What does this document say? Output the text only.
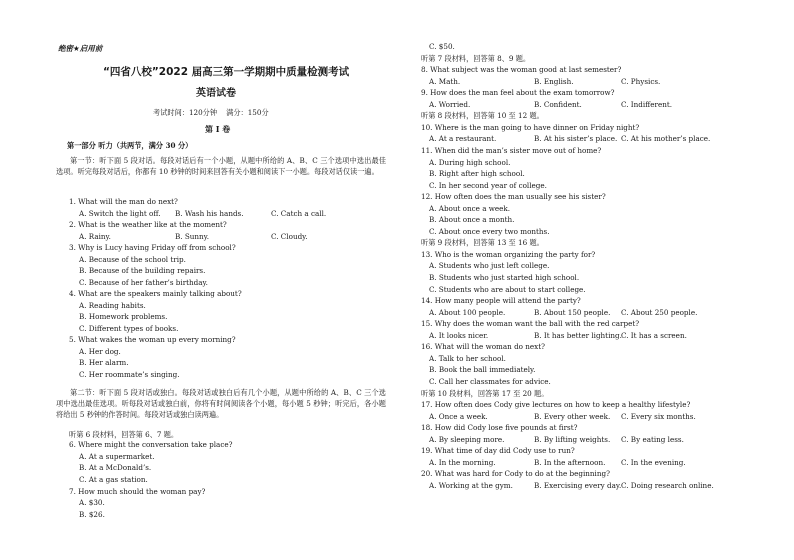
绝密★启用前
“四省八校”2022 届高三第一学期期中质量检测考试
英语试卷
考试时间：120分钟    满分：150分
第 I 卷
第一部分 听力（共两节，满分 30 分）
第一节：听下面 5 段对话。每段对话后有一个小题，从题中所给的 A、B、C 三个选项中选出最佳选项。听完每段对话后，你都有 10 秒钟的时间来回答有关小题和阅读下一小题。每段对话仅读一遍。
1. What will the man do next?
A. Switch the light off. B. Wash his hands.	C. Catch a call.
2. What is the weather like at the moment?
A. Rainy.	B. Sunny.	C. Cloudy.
3. Why is Lucy having Friday off from school?
A. Because of the school trip.
B. Because of the building repairs.
C. Because of her father’s birthday.
4. What are the speakers mainly talking about?
A. Reading habits.
B. Homework problems.
C. Different types of books.
5. What wakes the woman up every morning?
A. Her dog.
B. Her alarm.
C. Her roommate’s singing.
第二节：听下面 5 段对话或独白。每段对话或独白后有几个小题，从题中所给的 A、B、C 三个选项中选出最佳选项。听每段对话或独白前，你将有时间阅读各个小题，每小题 5 秒钟；听完后，各小题将给出 5 秒钟的作答时间。每段对话或独白读两遍。
听第 6 段材料，回答第 6、7 题。
6. Where might the conversation take place?
A. At a supermarket.
B. At a McDonald’s.
C. At a gas station.
7. How much should the woman pay?
A. $30.
B. $26.
C. $50.
听第 7 段材料，回答第 8、9 题。
8. What subject was the woman good at last semester?
A. Math.	B. English.	C. Physics.
9. How does the man feel about the exam tomorrow?
A. Worried.	B. Confident.	C. Indifferent.
听第 8 段材料，回答第 10 至 12 题。
10. Where is the man going to have dinner on Friday night?
A. At a restaurant.	B. At his sister’s place. C. At his mother’s place.
11. When did the man’s sister move out of home?
A. During high school.
B. Right after high school.
C. In her second year of college.
12. How often does the man usually see his sister?
A. About once a week.
B. About once a month.
C. About once every two months.
听第 9 段材料，回答第 13 至 16 题。
13. Who is the woman organizing the party for?
A. Students who just left college.
B. Students who just started high school.
C. Students who are about to start college.
14. How many people will attend the party?
A. About 100 people.	B. About 150 people. C. About 250 people.
15. Why does the woman want the ball with the red carpet?
A. It looks nicer.	B. It has better lighting. C. It has a screen.
16. What will the woman do next?
A. Talk to her school.
B. Book the ball immediately.
C. Call her classmates for advice.
听第 10 段材料，回答第 17 至 20 题。
17. How often does Cody give lectures on how to keep a healthy lifestyle?
A. Once a week.	B. Every other week. C. Every six months.
18. How did Cody lose five pounds at first?
A. By sleeping more.	B. By lifting weights. C. By eating less.
19. What time of day did Cody use to run?
A. In the morning.	B. In the afternoon. C. In the evening.
20. What was hard for Cody to do at the beginning?
A. Working at the gym.	B. Exercising every day. C. Doing research online.
